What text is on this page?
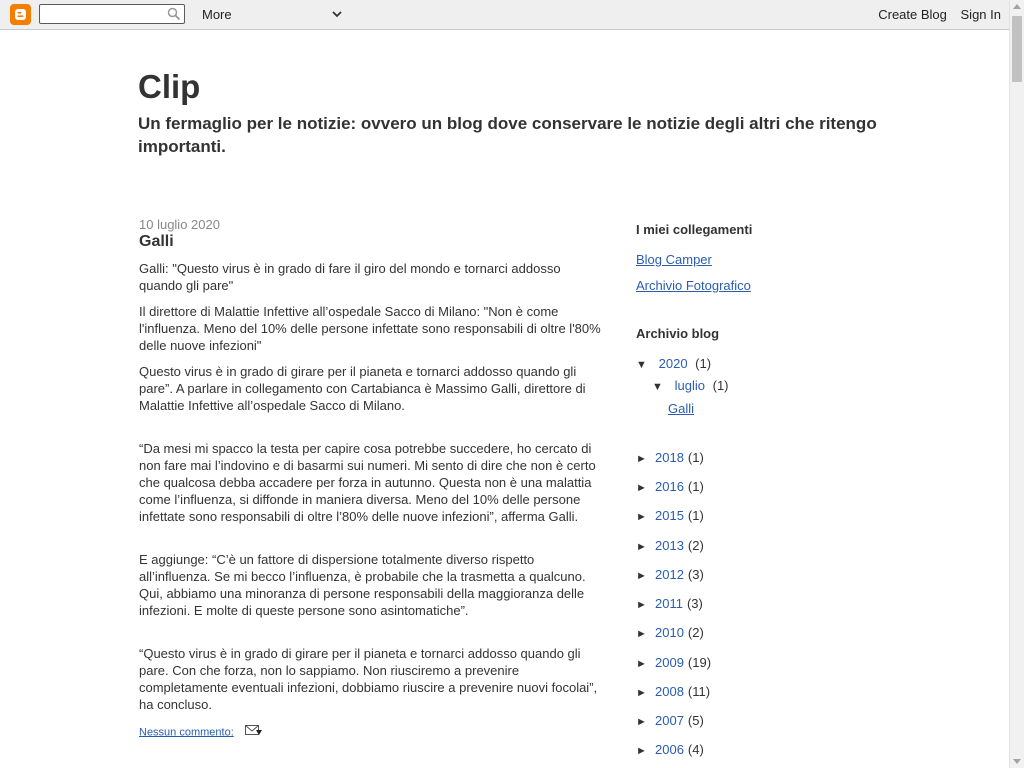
More	Create Blog Sign In
Clip
Un fermaglio per le notizie: ovvero un blog dove conservare le notizie degli altri che ritengo importanti.
10 luglio 2020
Galli

Galli: "Questo virus è in grado di fare il giro del mondo e tornarci addosso quando gli pare"

Il direttore di Malattie Infettive all’ospedale Sacco di Milano: "Non è come l'influenza. Meno del 10% delle persone infettate sono responsabili di oltre l'80% delle nuove infezioni"

Questo virus è in grado di girare per il pianeta e tornarci addosso quando gli pare”. A parlare in collegamento con Cartabianca è Massimo Galli, direttore di Malattie Infettive all’ospedale Sacco di Milano.

“Da mesi mi spacco la testa per capire cosa potrebbe succedere, ho cercato di non fare mai l’indovino e di basarmi sui numeri. Mi sento di dire che non è certo che qualcosa debba accadere per forza in autunno. Questa non è una malattia come l’influenza, si diffonde in maniera diversa. Meno del 10% delle persone infettate sono responsabili di oltre l’80% delle nuove infezioni”, afferma Galli.

E aggiunge: “C’è un fattore di dispersione totalmente diverso rispetto all’influenza. Se mi becco l’influenza, è probabile che la trasmetta a qualcuno. Qui, abbiamo una minoranza di persone responsabili della maggioranza delle infezioni. E molte di queste persone sono asintomatiche”.

“Questo virus è in grado di girare per il pianeta e tornarci addosso quando gli pare. Con che forza, non lo sappiamo. Non riusciremo a prevenire completamente eventuali infezioni, dobbiamo riuscire a prevenire nuovi focolai”, ha concluso.

Nessun commento:
I miei collegamenti
Blog Camper
Archivio Fotografico
Archivio blog
▼ 2020 (1)
▼ luglio (1)
Galli
► 2018 (1)
► 2016 (1)
► 2015 (1)
► 2013 (2)
► 2012 (3)
► 2011 (3)
► 2010 (2)
► 2009 (19)
► 2008 (11)
► 2007 (5)
► 2006 (4)
